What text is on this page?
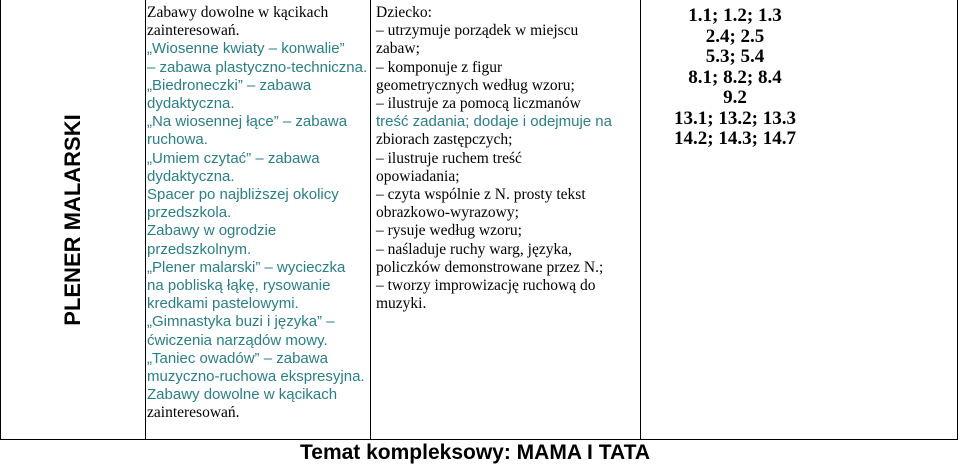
PLENER MALARSKI
Zabawy dowolne w kącikach
zainteresowań.
„Wiosenne kwiaty – konwalie”
– zabawa plastyczno-techniczna.
„Biedroneczki” – zabawa
dydaktyczna.
„Na wiosennej łące” – zabawa
ruchowa.
„Umiem czytać” – zabawa
dydaktyczna.
Spacer po najbliższej okolicy
przedszkola.
Zabawy w ogrodzie
przedszkolnym.
„Plener malarski” – wycieczka
na pobliską łąkę, rysowanie
kredkami pastelowymi.
„Gimnastyka buzi i języka” –
ćwiczenia narządów mowy.
„Taniec owadów” – zabawa
muzyczno-ruchowa ekspresyjna.
Zabawy dowolne w kącikach
zainteresowań.
Dziecko:
– utrzymuje porządek w miejscu
zabaw;
– komponuje z figur
geometrycznych według wzoru;
– ilustruje za pomocą liczmanów
treść zadania; dodaje i odejmuje na
zbiorach zastępczych;
– ilustruje ruchem treść
opowiadania;
– czyta wspólnie z N. prosty tekst
obrazkowo-wyrazowy;
– rysuje według wzoru;
– naśladuje ruchy warg, języka,
policzków demonstrowane przez N.;
– tworzy improwizację ruchową do
muzyki.
1.1; 1.2; 1.3
2.4; 2.5
5.3; 5.4
8.1; 8.2; 8.4
9.2
13.1; 13.2; 13.3
14.2; 14.3; 14.7
Temat kompleksowy: MAMA I TATA
